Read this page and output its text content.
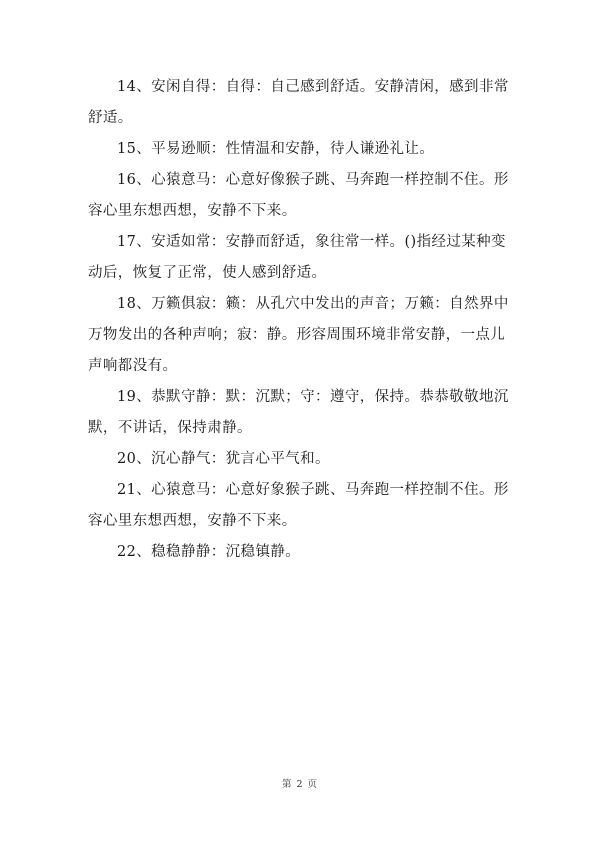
14、安闲自得：自得：自己感到舒适。安静清闲，感到非常舒适。

15、平易逊顺：性情温和安静，待人谦逊礼让。

16、心猿意马：心意好像猴子跳、马奔跑一样控制不住。形容心里东想西想，安静不下来。

17、安适如常：安静而舒适，象往常一样。()指经过某种变动后，恢复了正常，使人感到舒适。

18、万籁俱寂：籁：从孔穴中发出的声音；万籁：自然界中万物发出的各种声响；寂：静。形容周围环境非常安静，一点儿声响都没有。

19、恭默守静：默：沉默；守：遵守，保持。恭恭敬敬地沉默，不讲话，保持肃静。

20、沉心静气：犹言心平气和。

21、心猿意马：心意好象猴子跳、马奔跑一样控制不住。形容心里东想西想，安静不下来。

22、稳稳静静：沉稳镇静。

第 2 页
